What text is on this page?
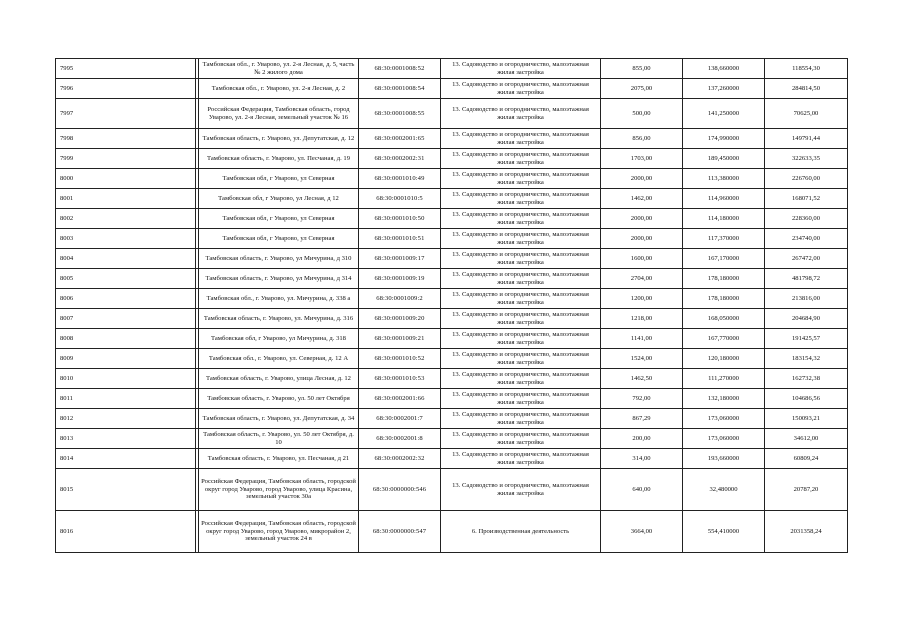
7995		Тамбовская обл., г. Уварово, ул. 2-я Лесная, д. 5, часть № 2 жилого дома	68:30:0001008:52	13. Садоводство и огородничество, малоэтажная жилая застройка	855,00	138,660000	118554,30
7996		Тамбовская обл., г. Уварово, ул. 2-я Лесная, д. 2	68:30:0001008:54	13. Садоводство и огородничество, малоэтажная жилая застройка	2075,00	137,260000	284814,50
7997		Российская Федерация, Тамбовская область, город Уварово, ул. 2-я Лесная, земельный участок № 16	68:30:0001008:55	13. Садоводство и огородничество, малоэтажная жилая застройка	500,00	141,250000	70625,00
7998		Тамбовская область, г. Уварово, ул. Депутатская, д. 12	68:30:0002001:65	13. Садоводство и огородничество, малоэтажная жилая застройка	856,00	174,990000	149791,44
7999		Тамбовская область, г. Уварово, ул. Песчаная, д. 19	68:30:0002002:31	13. Садоводство и огородничество, малоэтажная жилая застройка	1703,00	189,450000	322633,35
8000		Тамбовская обл, г Уварово, ул Северная	68:30:0001010:49	13. Садоводство и огородничество, малоэтажная жилая застройка	2000,00	113,380000	226760,00
8001		Тамбовская обл, г Уварово, ул Лесная, д 12	68:30:0001010:5	13. Садоводство и огородничество, малоэтажная жилая застройка	1462,00	114,960000	168071,52
8002		Тамбовская обл, г Уварово, ул Северная	68:30:0001010:50	13. Садоводство и огородничество, малоэтажная жилая застройка	2000,00	114,180000	228360,00
8003		Тамбовская обл, г Уварово, ул Северная	68:30:0001010:51	13. Садоводство и огородничество, малоэтажная жилая застройка	2000,00	117,370000	234740,00
8004		Тамбовская область, г. Уварово, ул Мичурина, д 310	68:30:0001009:17	13. Садоводство и огородничество, малоэтажная жилая застройка	1600,00	167,170000	267472,00
8005		Тамбовская область, г. Уварово, ул Мичурина, д 314	68:30:0001009:19	13. Садоводство и огородничество, малоэтажная жилая застройка	2704,00	178,180000	481798,72
8006		Тамбовская обл., г. Уварово, ул. Мичурина, д. 338 а	68:30:0001009:2	13. Садоводство и огородничество, малоэтажная жилая застройка	1200,00	178,180000	213816,00
8007		Тамбовская область, г. Уварово, ул. Мичурина, д. 316	68:30:0001009:20	13. Садоводство и огородничество, малоэтажная жилая застройка	1218,00	168,050000	204684,90
8008		Тамбовская обл, г Уварово, ул Мичурина, д. 318	68:30:0001009:21	13. Садоводство и огородничество, малоэтажная жилая застройка	1141,00	167,770000	191425,57
8009		Тамбовская обл., г. Уварово, ул. Северная, д. 12 А	68:30:0001010:52	13. Садоводство и огородничество, малоэтажная жилая застройка	1524,00	120,180000	183154,32
8010		Тамбовская область, г. Уварово, улица Лесная, д. 12	68:30:0001010:53	13. Садоводство и огородничество, малоэтажная жилая застройка	1462,50	111,270000	162732,38
8011		Тамбовская область, г. Уварово, ул. 50 лет Октября	68:30:0002001:66	13. Садоводство и огородничество, малоэтажная жилая застройка	792,00	132,180000	104686,56
8012		Тамбовская область, г. Уварово, ул. Депутатская, д. 34	68:30:0002001:7	13. Садоводство и огородничество, малоэтажная жилая застройка	867,29	173,060000	150093,21
8013		Тамбовская область, г. Уварово, ул. 50 лет Октября, д. 10	68:30:0002001:8	13. Садоводство и огородничество, малоэтажная жилая застройка	200,00	173,060000	34612,00
8014		Тамбовская область, г. Уварово, ул. Песчаная, д 21	68:30:0002002:32	13. Садоводство и огородничество, малоэтажная жилая застройка	314,00	193,660000	60809,24
8015		Российская Федерация, Тамбовская область, городской округ город Уварово, город Уварово, улица Красина, земельный участок 30а	68:30:0000000:546	13. Садоводство и огородничество, малоэтажная жилая застройка	640,00	32,480000	20787,20
8016		Российская Федерация, Тамбовская область, городской округ город Уварово, город Уварово, микрорайон 2, земельный участок 24 в	68:30:0000000:547	6. Производственная деятельность	3664,00	554,410000	2031358,24
